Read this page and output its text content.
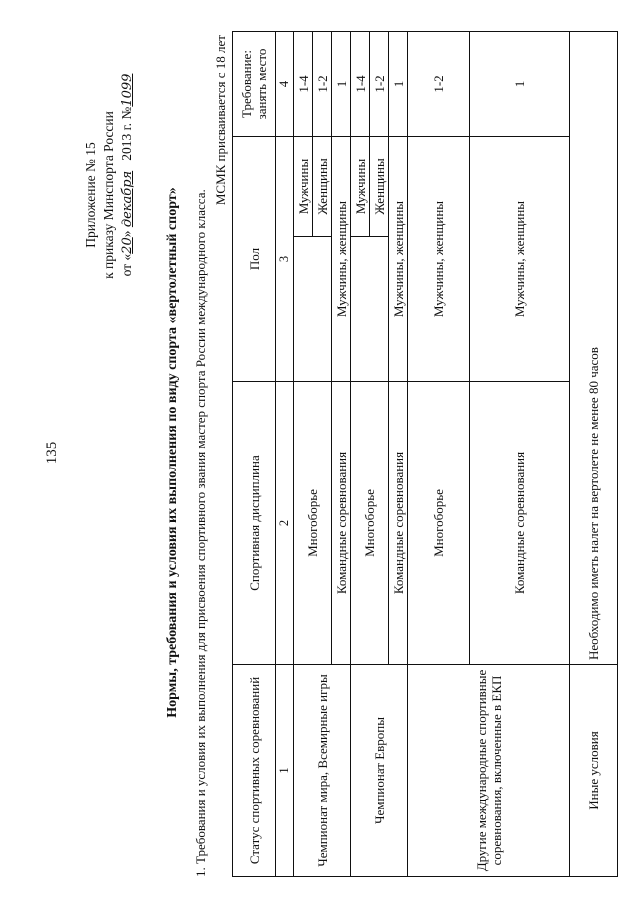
135
Приложение № 15 к приказу Минспорта России от «20» декабря   2013 г. №1099
Нормы, требования и условия их выполнения по виду спорта «вертолетный спорт» 1. Требования и условия их выполнения для присвоения спортивного звания мастер спорта России международного класса.
МСМК присваивается с 18 лет
Статус спортивных соревнований	Спортивная дисциплина	Пол		Требование: занять место
1	2	3		4
Чемпионат мира, Всемирные игры	Многоборье		Мужчины	1-4
			Женщины	1-2
	Командные соревнования	Мужчины, женщины		1
Чемпионат Европы	Многоборье		Мужчины	1-4
			Женщины	1-2
	Командные соревнования	Мужчины, женщины		1
Другие международные спортивные соревнования, включенные в ЕКП	Многоборье	Мужчины, женщины		1-2
	Командные соревнования	Мужчины, женщины		1
Иные условия	Необходимо иметь налет на вертолете не менее 80 часов			
